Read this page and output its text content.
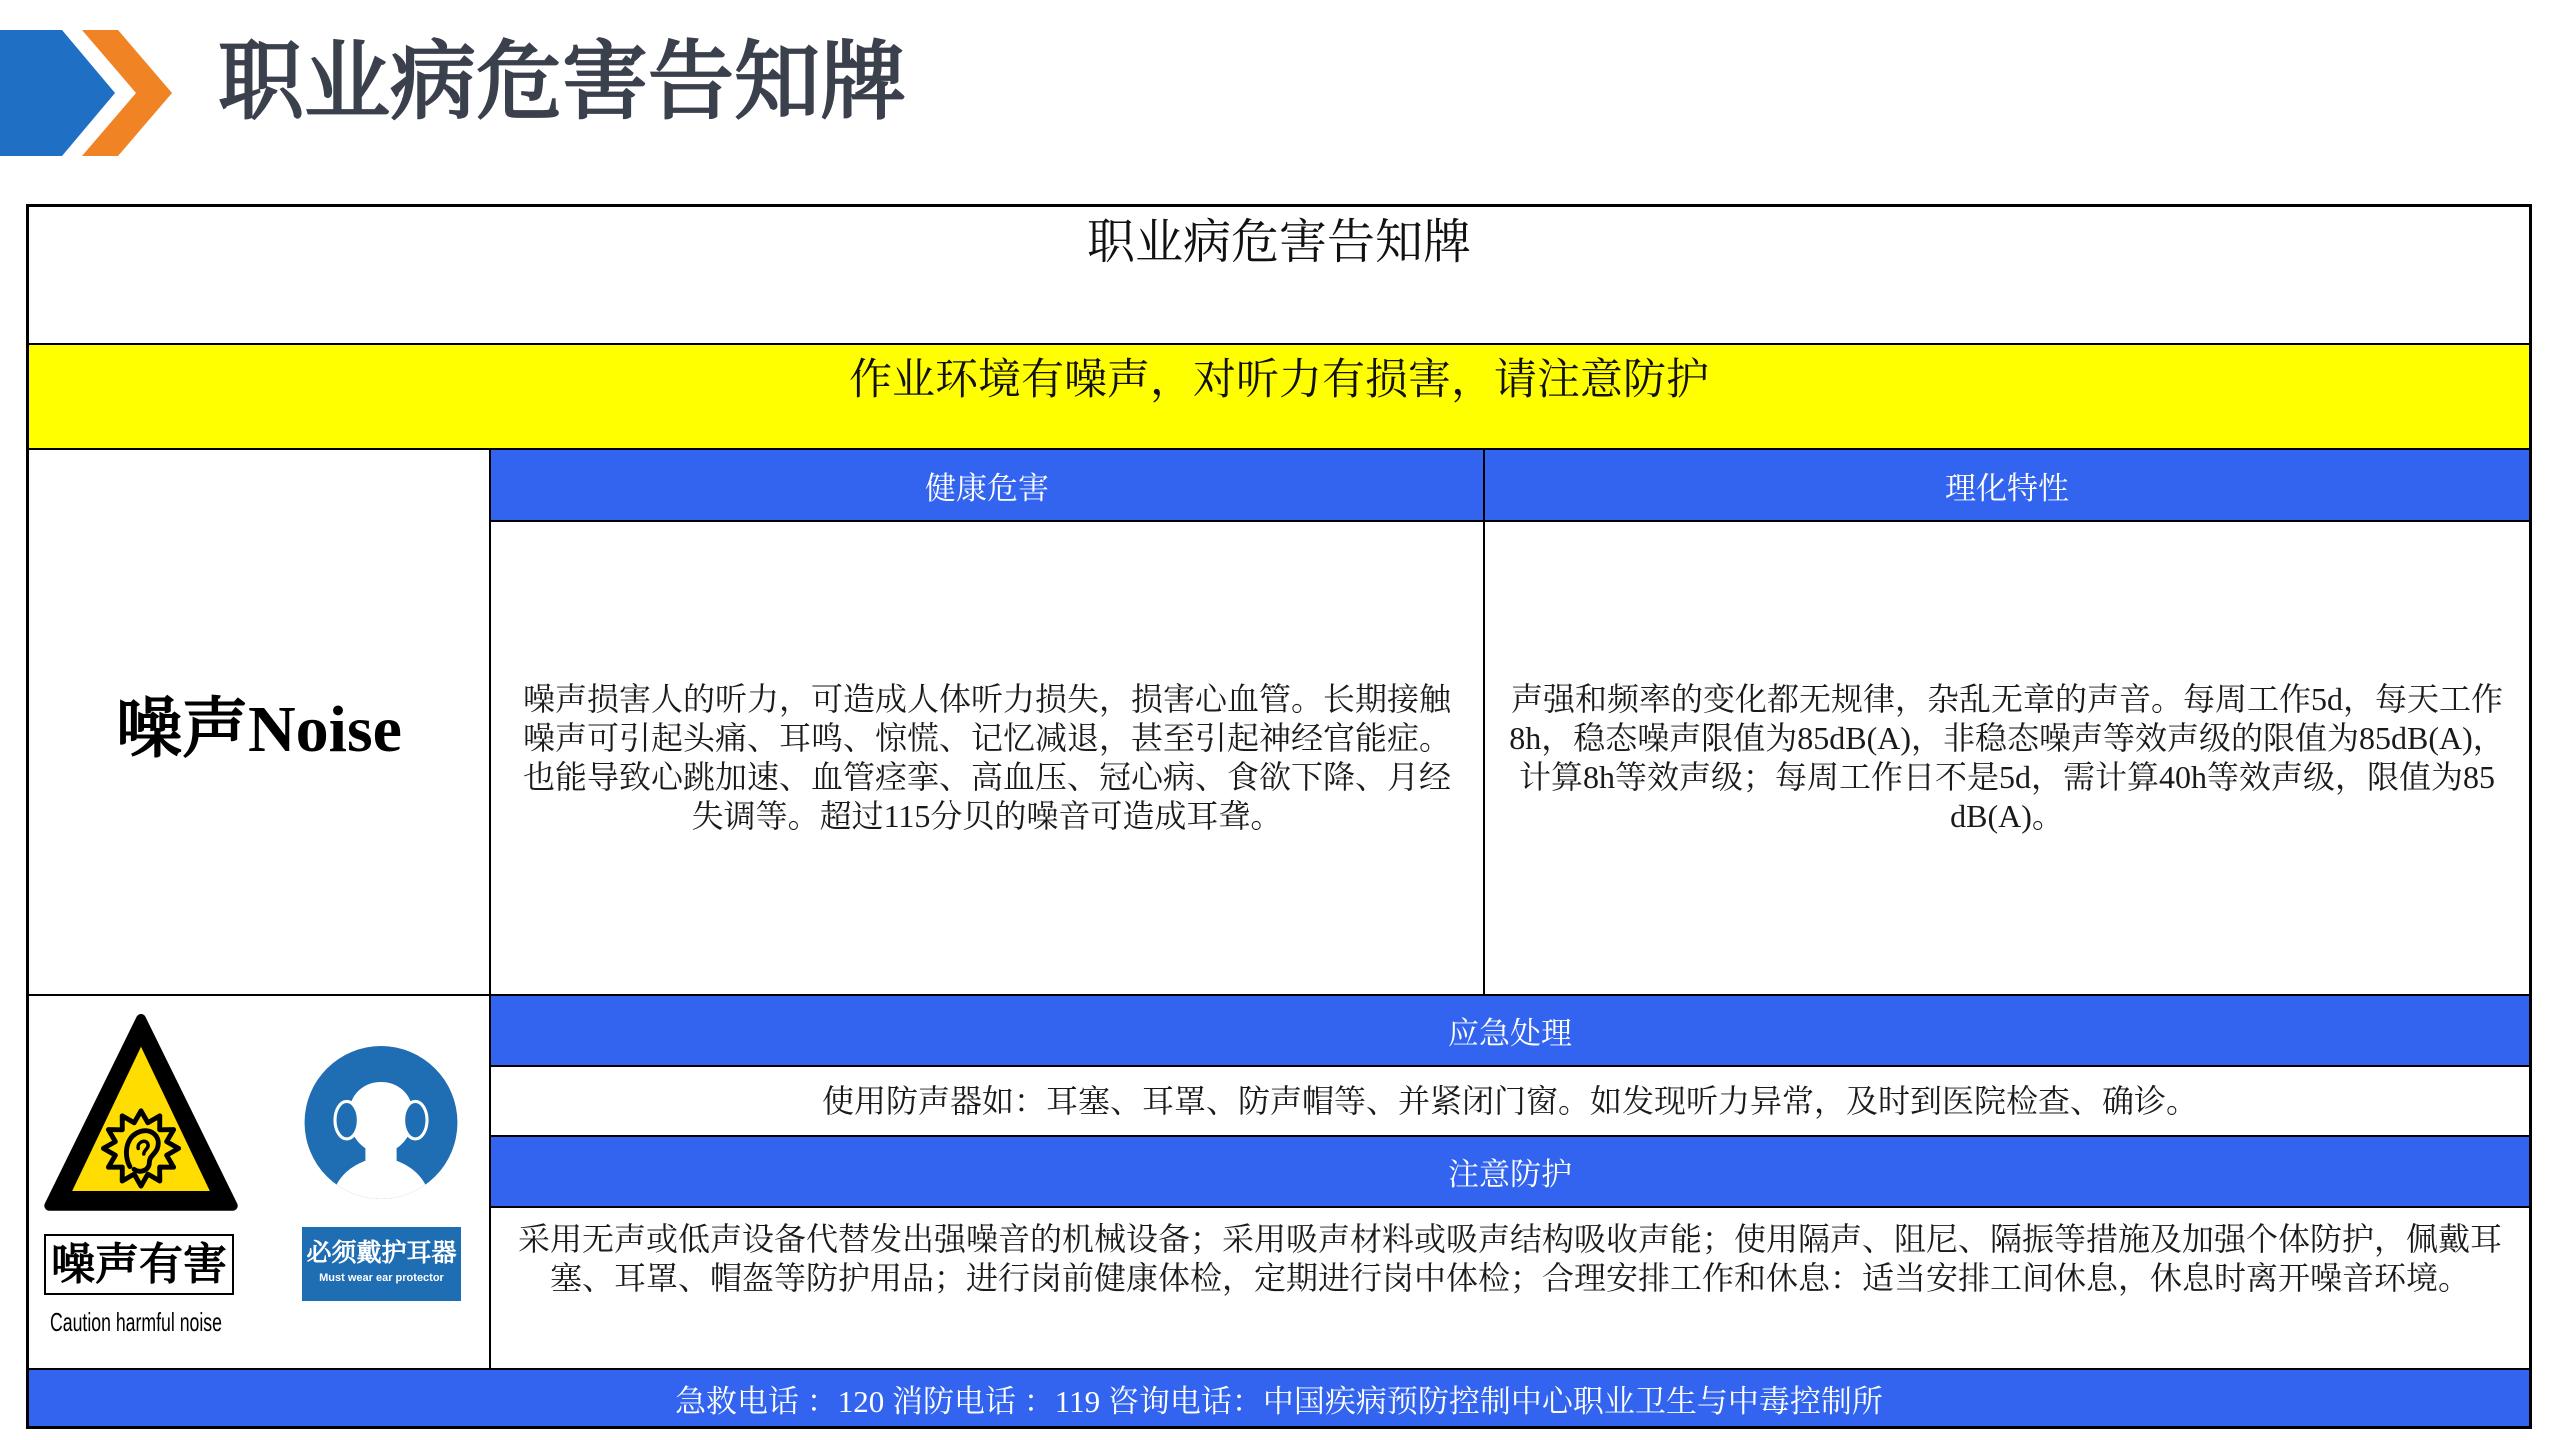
职业病危害告知牌
职业病危害告知牌
作业环境有噪声，对听力有损害，请注意防护
噪声Noise
健康危害	理化特性
噪声损害人的听力，可造成人体听力损失，损害心血管。长期接触噪声可引起头痛、耳鸣、惊慌、记忆减退，甚至引起神经官能症。也能导致心跳加速、血管痉挛、高血压、冠心病、食欲下降、月经失调等。超过115分贝的噪音可造成耳聋。
声强和频率的变化都无规律，杂乱无章的声音。每周工作5d，每天工作8h，稳态噪声限值为85dB(A)，非稳态噪声等效声级的限值为85dB(A)，计算8h等效声级；每周工作日不是5d，需计算40h等效声级，限值为85 dB(A)。
噪声有害
Caution harmful noise
必须戴护耳器
Must wear ear protector
应急处理
使用防声器如：耳塞、耳罩、防声帽等、并紧闭门窗。如发现听力异常，及时到医院检查、确诊。
注意防护
采用无声或低声设备代替发出强噪音的机械设备；采用吸声材料或吸声结构吸收声能；使用隔声、阻尼、隔振等措施及加强个体防护，佩戴耳塞、耳罩、帽盔等防护用品；进行岗前健康体检，定期进行岗中体检；合理安排工作和休息：适当安排工间休息，休息时离开噪音环境。
急救电话 ：120 消防电话 ：119 咨询电话：中国疾病预防控制中心职业卫生与中毒控制所
